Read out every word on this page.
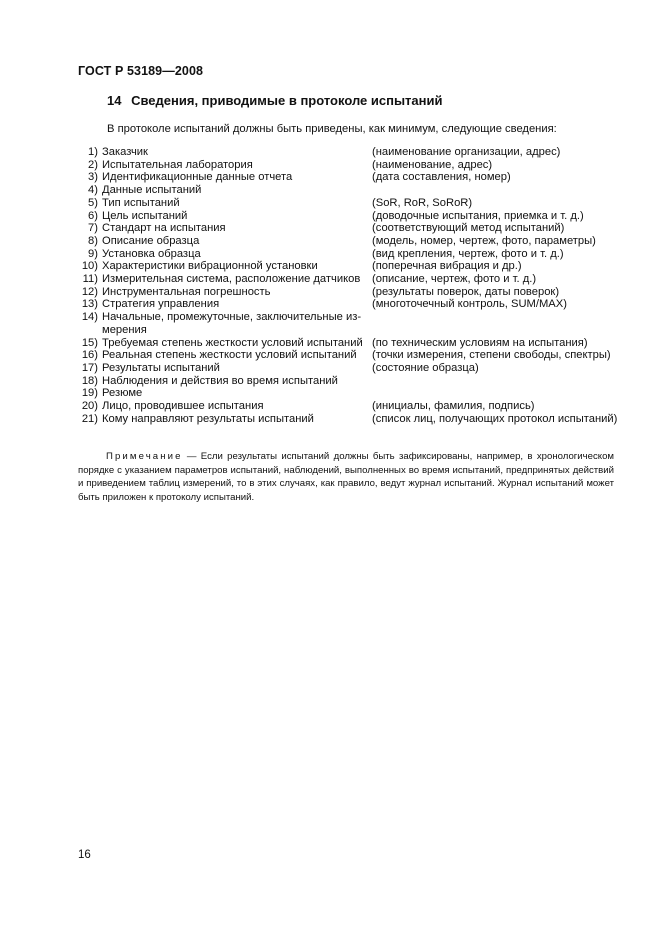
ГОСТ Р 53189—2008
14 Сведения, приводимые в протоколе испытаний
В протоколе испытаний должны быть приведены, как минимум, следующие сведения:
1) Заказчик	(наименование организации, адрес)
2) Испытательная лаборатория	(наименование, адрес)
3) Идентификационные данные отчета	(дата составления, номер)
4) Данные испытаний
5) Тип испытаний	(SoR, RoR, SoRoR)
6) Цель испытаний	(доводочные испытания, приемка и т. д.)
7) Стандарт на испытания	(соответствующий метод испытаний)
8) Описание образца	(модель, номер, чертеж, фото, параметры)
9) Установка образца	(вид крепления, чертеж, фото и т. д.)
10) Характеристики вибрационной установки	(поперечная вибрация и др.)
11) Измерительная система, расположение датчиков	(описание, чертеж, фото и т. д.)
12) Инструментальная погрешность	(результаты поверок, даты поверок)
13) Стратегия управления	(многоточечный контроль, SUM/MAX)
14) Начальные, промежуточные, заключительные из-мерения
15) Требуемая степень жесткости условий испытаний (по техническим условиям на испытания)
16) Реальная степень жесткости условий испытаний	(точки измерения, степени свободы, спектры)
17) Результаты испытаний	(состояние образца)
18) Наблюдения и действия во время испытаний
19) Резюме
20) Лицо, проводившее испытания	(инициалы, фамилия, подпись)
21) Кому направляют результаты испытаний	(список лиц, получающих протокол испытаний)
Примечание — Если результаты испытаний должны быть зафиксированы, например, в хронологическом порядке с указанием параметров испытаний, наблюдений, выполненных во время испытаний, предпринятых действий и приведением таблиц измерений, то в этих случаях, как правило, ведут журнал испытаний. Журнал испытаний может быть приложен к протоколу испытаний.
16
